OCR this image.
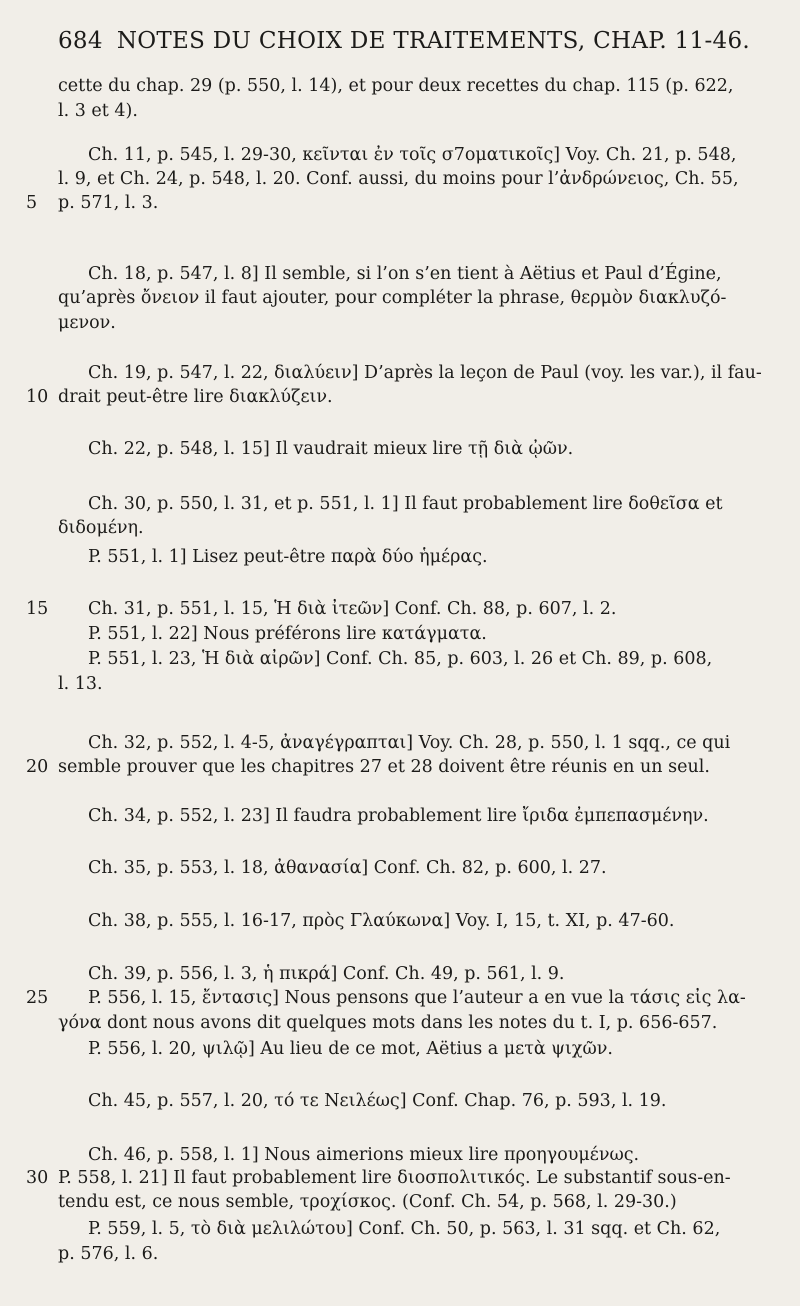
684 NOTES DU CHOIX DE TRAITEMENTS, CHAP. 11-46.
5
10
15
20
25
30
cette du chap. 29 (p. 550, l. 14), et pour deux recettes du chap. 115 (p. 622,
l. 3 et 4).
Ch. 11, p. 545, l. 29-30, κεῖνται ἐν τοῖς σ7οματικοῖς] Voy. Ch. 21, p. 548,
l. 9, et Ch. 24, p. 548, l. 20. Conf. aussi, du moins pour l’ἀνδρώνειος, Ch. 55,
p. 571, l. 3.
Ch. 18, p. 547, l. 8] Il semble, si l’on s’en tient à Aëtius et Paul d’Égine,
qu’après ὄνειον il faut ajouter, pour compléter la phrase, θερμὸν διακλυζό-
μενον.
Ch. 19, p. 547, l. 22, διαλύειν] D’après la leçon de Paul (voy. les var.), il fau-
drait peut-être lire διακλύζειν.
Ch. 22, p. 548, l. 15] Il vaudrait mieux lire τῇ διὰ ᾠῶν.
Ch. 30, p. 550, l. 31, et p. 551, l. 1] Il faut probablement lire δοθεῖσα et
διδομένη.
P. 551, l. 1] Lisez peut-être παρὰ δύο ἡμέρας.
Ch. 31, p. 551, l. 15, Ἡ διὰ ἰτεῶν] Conf. Ch. 88, p. 607, l. 2.
P. 551, l. 22] Nous préférons lire κατάγματα.
P. 551, l. 23, Ἡ διὰ αἰρῶν] Conf. Ch. 85, p. 603, l. 26 et Ch. 89, p. 608,
l. 13.
Ch. 32, p. 552, l. 4-5, ἀναγέγραπται] Voy. Ch. 28, p. 550, l. 1 sqq., ce qui
semble prouver que les chapitres 27 et 28 doivent être réunis en un seul.
Ch. 34, p. 552, l. 23] Il faudra probablement lire ἴριδα ἐμπεπασμένην.
Ch. 35, p. 553, l. 18, ἀθανασία] Conf. Ch. 82, p. 600, l. 27.
Ch. 38, p. 555, l. 16-17, πρὸς Γλαύκωνα] Voy. I, 15, t. XI, p. 47-60.
Ch. 39, p. 556, l. 3, ἡ πικρά] Conf. Ch. 49, p. 561, l. 9.
P. 556, l. 15, ἔντασις] Nous pensons que l’auteur a en vue la τάσις εἰς λα-
γόνα dont nous avons dit quelques mots dans les notes du t. I, p. 656-657.
P. 556, l. 20, ψιλῷ] Au lieu de ce mot, Aëtius a μετὰ ψιχῶν.
Ch. 45, p. 557, l. 20, τό τε Νειλέως] Conf. Chap. 76, p. 593, l. 19.
Ch. 46, p. 558, l. 1] Nous aimerions mieux lire προηγουμένως.
P. 558, l. 21] Il faut probablement lire διοσπολιτικός. Le substantif sous-en-
tendu est, ce nous semble, τροχίσκος. (Conf. Ch. 54, p. 568, l. 29-30.)
P. 559, l. 5, τὸ διὰ μελιλώτου] Conf. Ch. 50, p. 563, l. 31 sqq. et Ch. 62,
p. 576, l. 6.
